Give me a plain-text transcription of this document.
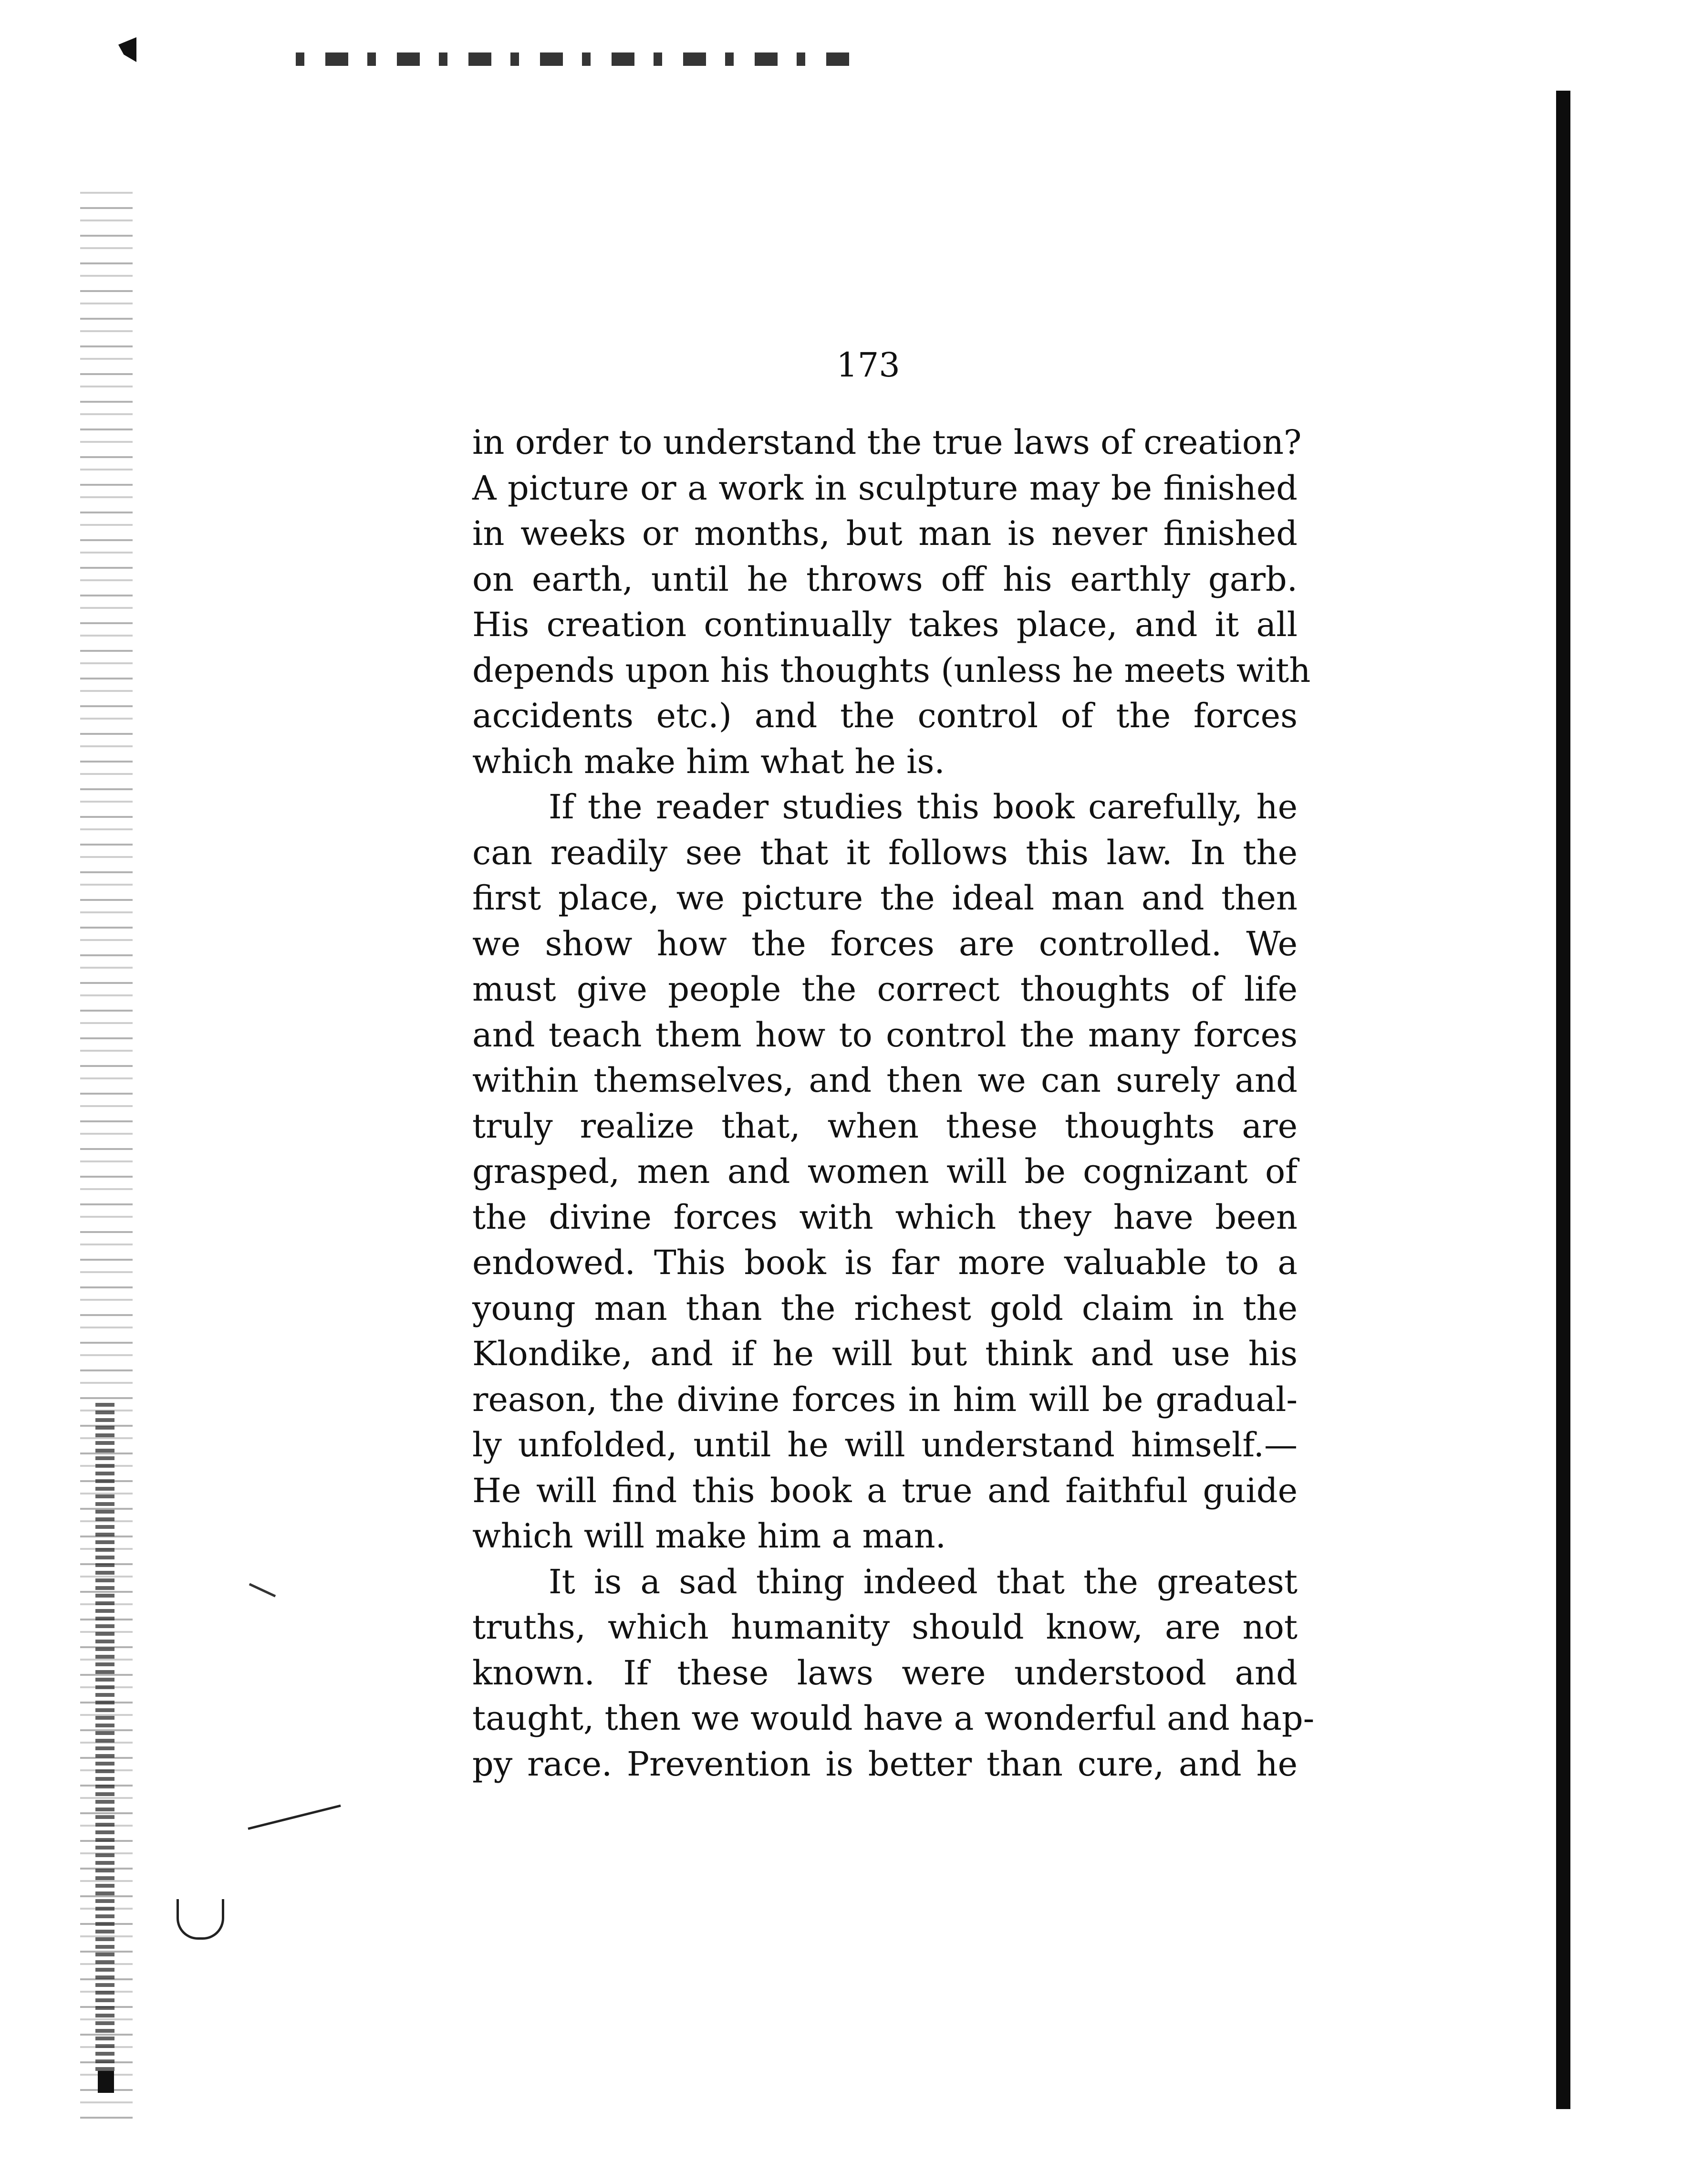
173
in order to understand the true laws of creation?
A picture or a work in sculpture may be finished
in weeks or months, but man is never finished
on earth, until he throws off his earthly garb.
His creation continually takes place, and it all
depends upon his thoughts (unless he meets with
accidents etc.) and the control of the forces
which make him what he is.
If the reader studies this book carefully, he
can readily see that it follows this law. In the
first place, we picture the ideal man and then
we show how the forces are controlled. We
must give people the correct thoughts of life
and teach them how to control the many forces
within themselves, and then we can surely and
truly realize that, when these thoughts are
grasped, men and women will be cognizant of
the divine forces with which they have been
endowed. This book is far more valuable to a
young man than the richest gold claim in the
Klondike, and if he will but think and use his
reason, the divine forces in him will be gradual-
ly unfolded, until he will understand himself.—
He will find this book a true and faithful guide
which will make him a man.
It is a sad thing indeed that the greatest
truths, which humanity should know, are not
known. If these laws were understood and
taught, then we would have a wonderful and hap-
py race. Prevention is better than cure, and he
